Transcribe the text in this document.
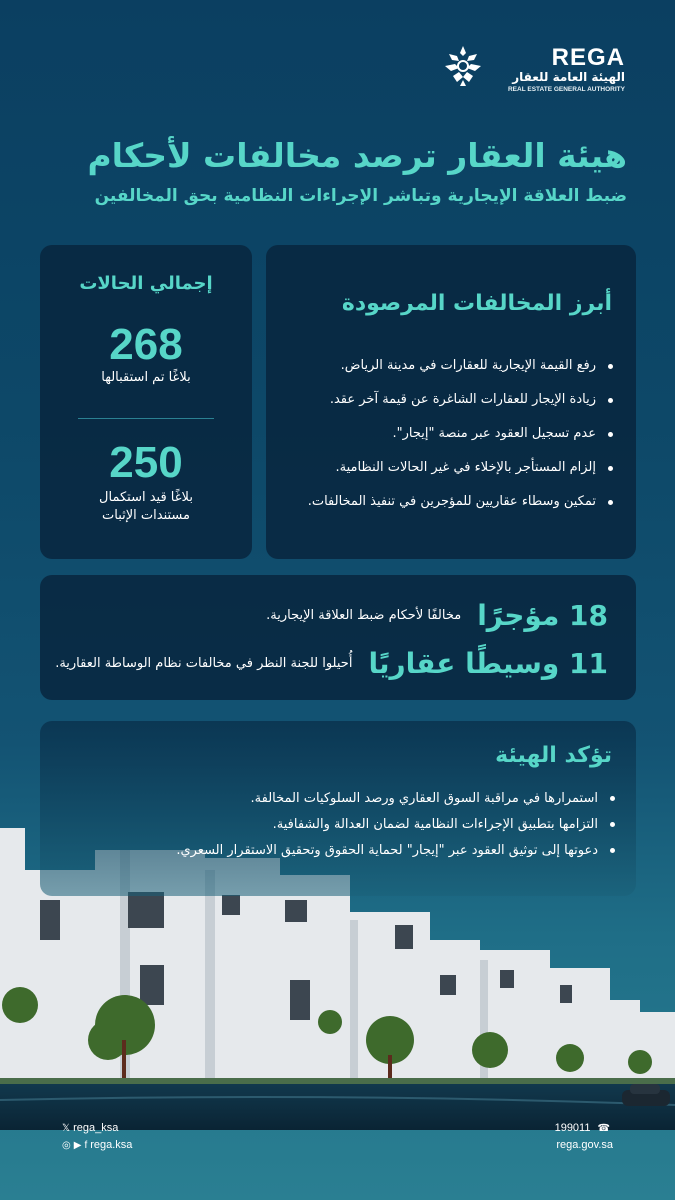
REGA
الهيئة العامة للعقار
REAL ESTATE GENERAL AUTHORITY
هيئة العقار ترصد مخالفات لأحكام
ضبط العلاقة الإيجارية وتباشر الإجراءات النظامية بحق المخالفين
إجمالي الحالات
268
بلاغًا تم استقبالها
250
بلاغًا قيد استكمال مستندات الإثبات
أبرز المخالفات المرصودة
رفع القيمة الإيجارية للعقارات في مدينة الرياض.
زيادة الإيجار للعقارات الشاغرة عن قيمة آخر عقد.
عدم تسجيل العقود عبر منصة "إيجار".
إلزام المستأجر بالإخلاء في غير الحالات النظامية.
تمكين وسطاء عقاريين للمؤجرين في تنفيذ المخالفات.
18 مؤجرًا
مخالفًا لأحكام ضبط العلاقة الإيجارية.
11 وسيطًا عقاريًا
أُحيلوا للجنة النظر في مخالفات نظام الوساطة العقارية.
تؤكد الهيئة
استمرارها في مراقبة السوق العقاري ورصد السلوكيات المخالفة.
التزامها بتطبيق الإجراءات النظامية لضمان العدالة والشفافية.
دعوتها إلى توثيق العقود عبر "إيجار" لحماية الحقوق وتحقيق الاستقرار السعري.
𝕏 rega_ksa
◎ ▶ f rega.ksa
199011 ☎
rega.gov.sa
